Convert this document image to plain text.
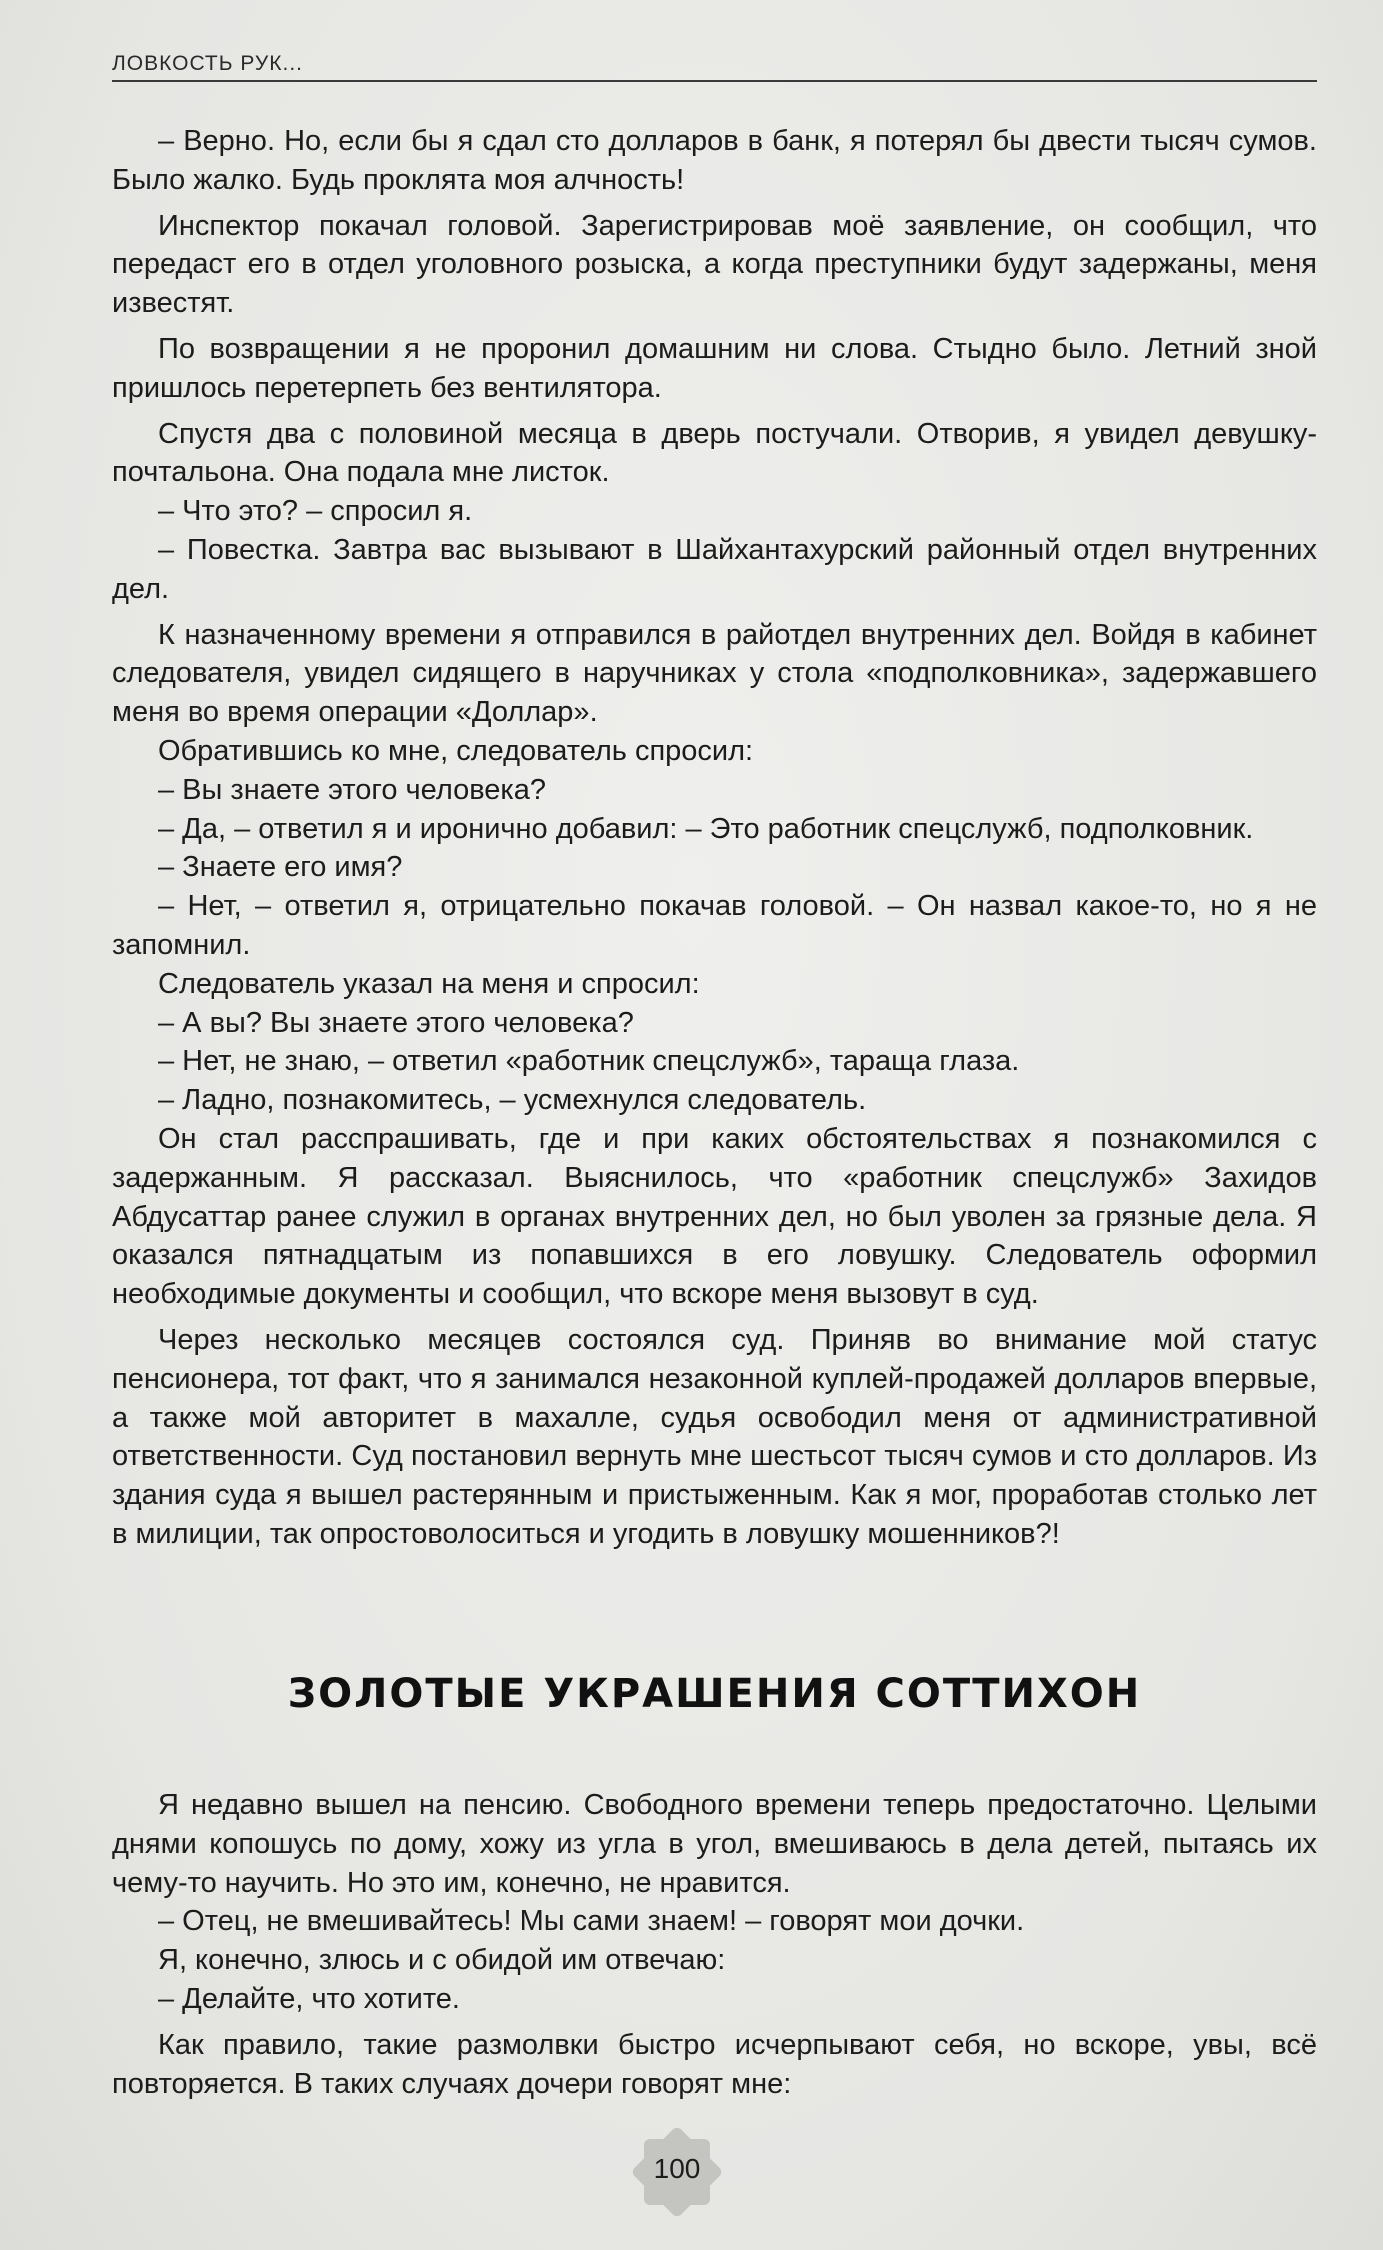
ЛОВКОСТЬ РУК...

– Верно. Но, если бы я сдал сто долларов в банк, я потерял бы двести тысяч сумов. Было жалко. Будь проклята моя алчность!

Инспектор покачал головой. Зарегистрировав моё заявление, он сообщил, что передаст его в отдел уголовного розыска, а когда преступники будут задержаны, меня известят.

По возвращении я не проронил домашним ни слова. Стыдно было. Летний зной пришлось перетерпеть без вентилятора.

Спустя два с половиной месяца в дверь постучали. Отворив, я увидел девушку-почтальона. Она подала мне листок.

– Что это? – спросил я.

– Повестка. Завтра вас вызывают в Шайхантахурский районный отдел внутренних дел.

К назначенному времени я отправился в райотдел внутренних дел. Войдя в кабинет следователя, увидел сидящего в наручниках у стола «подполковника», задержавшего меня во время операции «Доллар».

Обратившись ко мне, следователь спросил:

– Вы знаете этого человека?

– Да, – ответил я и иронично добавил: – Это работник спецслужб, подполковник.

– Знаете его имя?

– Нет, – ответил я, отрицательно покачав головой. – Он назвал какое-то, но я не запомнил.

Следователь указал на меня и спросил:

– А вы? Вы знаете этого человека?

– Нет, не знаю, – ответил «работник спецслужб», тараща глаза.

– Ладно, познакомитесь, – усмехнулся следователь.

Он стал расспрашивать, где и при каких обстоятельствах я познакомился с задержанным. Я рассказал. Выяснилось, что «работник спецслужб» Захидов Абдусаттар ранее служил в органах внутренних дел, но был уволен за грязные дела. Я оказался пятнадцатым из попавшихся в его ловушку. Следователь оформил необходимые документы и сообщил, что вскоре меня вызовут в суд.

Через несколько месяцев состоялся суд. Приняв во внимание мой статус пенсионера, тот факт, что я занимался незаконной куплей-продажей долларов впервые, а также мой авторитет в махалле, судья освободил меня от административной ответственности. Суд постановил вернуть мне шестьсот тысяч сумов и сто долларов. Из здания суда я вышел растерянным и пристыженным. Как я мог, проработав столько лет в милиции, так опростоволоситься и угодить в ловушку мошенников?!

ЗОЛОТЫЕ УКРАШЕНИЯ СОТТИХОН

Я недавно вышел на пенсию. Свободного времени теперь предостаточно. Целыми днями копошусь по дому, хожу из угла в угол, вмешиваюсь в дела детей, пытаясь их чему-то научить. Но это им, конечно, не нравится.

– Отец, не вмешивайтесь! Мы сами знаем! – говорят мои дочки.

Я, конечно, злюсь и с обидой им отвечаю:

– Делайте, что хотите.

Как правило, такие размолвки быстро исчерпывают себя, но вскоре, увы, всё повторяется. В таких случаях дочери говорят мне:

100
